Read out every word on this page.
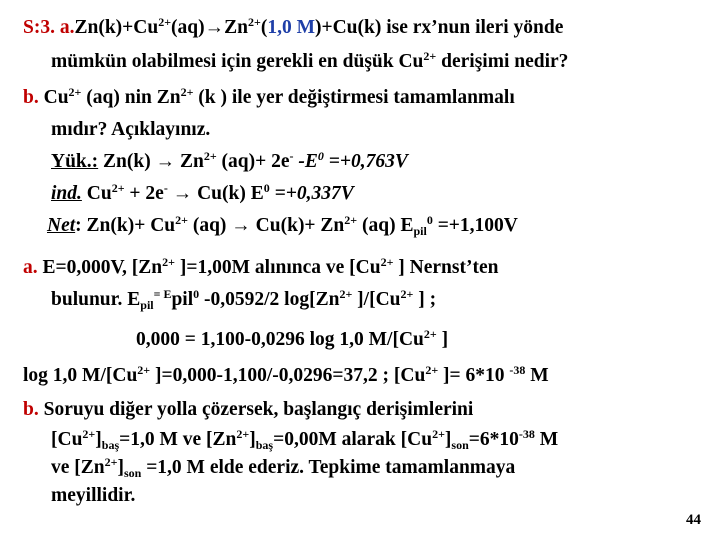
S:3. $a.Zn(k)+Cu^{2+}(aq)\to Zn^{2+}(1,0$ M)+Cu(k) ise rx’nun ileri yönde
mümkün olabilmesi için gerekli en düşük $Cu^{2+}$ derişimi nedir?
b. $Cu^{2+}$ (aq) nin $Zn^{2+}$ (k ) ile yer değiştirmesi tamamlanmalı
mıdır? Açıklayınız.
Yük.: $Zn(k) \to Zn^{2+}$ (aq)+ 2e- $-E^0 =+0,763V$
ind. $Cu^{2+} + 2e^- \to Cu(k)$ $E^0 =+0,337V$
Net: $Zn(k)+ Cu^{2+}$ $(aq) \to Cu(k)+ Zn^{2+}$ (aq) $E_{pil}^0 =+1,100V$
a. E=0,000V, [$Zn^{2+}$ ]=1,00M alınınca ve [$Cu^{2+}$ ] Nernst’ten
bulunur. $E_{pil}^{= E}pil^0$ -0,0592/2 $\log[Zn^{2+}$ ]$/[Cu^{2+}$ ] ;
0,000 = 1,100-0,0296 log 1,0 $M/[Cu^{2+}$ ]
log 1,0 $M/[Cu^{2+}$ ]=0,000-1,100/-0,0296=37,2 ; [$Cu^{2+}$ ]= 6*10 $^{-38}$ M
b. Soruyu diğer yolla çözersek, başlangıç derişimlerini
$[Cu^{2+}]_{baş}=1,0$ M ve $[Zn^{2+}]_{baş}=0,00M$ alarak $[Cu^{2+}]_{son}=6*10^{-38}$ M
ve $[Zn^{2+}]_{son} =1,0$ M elde ederiz. Tepkime tamamlanmaya
meyillidir.
44
